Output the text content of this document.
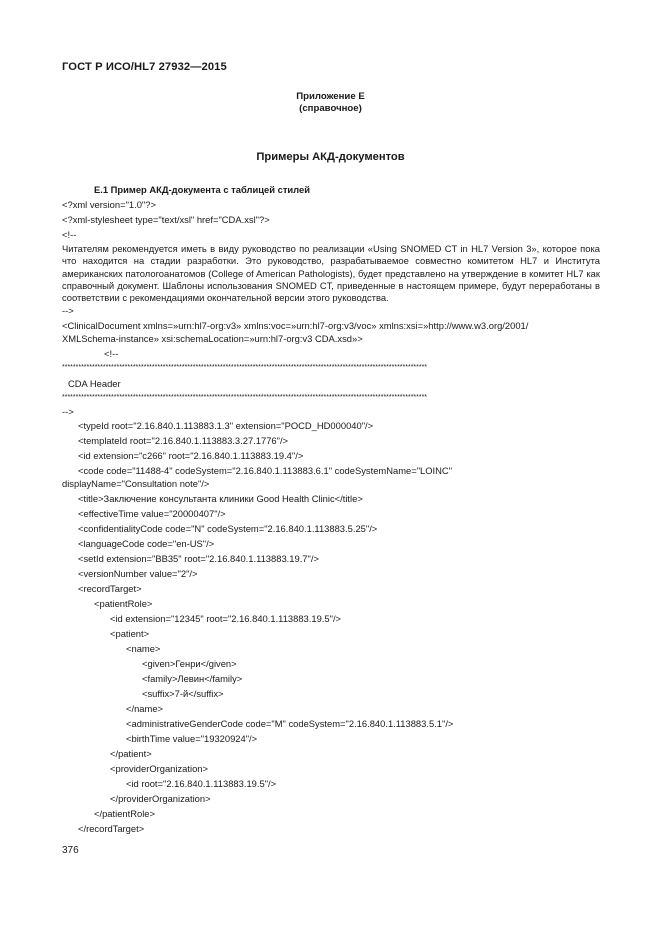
ГОСТ Р ИСО/HL7 27932—2015
Приложение Е
(справочное)
Примеры АКД-документов
Е.1 Пример АКД-документа с таблицей стилей
<?xml version="1.0"?>
<?xml-stylesheet type="text/xsl" href="CDA.xsl"?>
<!--
Читателям рекомендуется иметь в виду руководство по реализации «Using SNOMED CT in HL7 Version 3», которое пока что находится на стадии разработки. Это руководство, разрабатываемое совместно комитетом HL7 и Института американских патологоанатомов (College of American Pathologists), будет представлено на утверждение в комитет HL7 как справочный документ. Шаблоны использования SNOMED CT, приведенные в настоящем примере, будут переработаны в соответствии с рекомендациями окончательной версии этого руководства.
-->
<ClinicalDocument xmlns=»urn:hl7-org:v3» xmlns:voc=»urn:hl7-org:v3/voc» xmlns:xsi=»http://www.w3.org/2001/
XMLSchema-instance» xsi:schemaLocation=»urn:hl7-org:v3 CDA.xsd»>
<!--
**************************************************************************************************************************************
CDA Header
**************************************************************************************************************************************
-->
<typeId root="2.16.840.1.113883.1.3" extension="POCD_HD000040"/>
<templateId root="2.16.840.1.113883.3.27.1776"/>
<id extension="c266" root="2.16.840.1.113883.19.4"/>
<code code="11488-4" codeSystem="2.16.840.1.113883.6.1" codeSystemName="LOINC"
displayName="Consultation note"/>
<title>Заключение консультанта клиники Good Health Clinic</title>
<effectiveTime value="20000407"/>
<confidentialityCode code="N" codeSystem="2.16.840.1.113883.5.25"/>
<languageCode code="en-US"/>
<setId extension="BB35" root="2.16.840.1.113883.19.7"/>
<versionNumber value="2"/>
<recordTarget>
<patientRole>
<id extension="12345" root="2.16.840.1.113883.19.5"/>
<patient>
<name>
<given>Генри</given>
<family>Левин</family>
<suffix>7-й</suffix>
</name>
<administrativeGenderCode code="M" codeSystem="2.16.840.1.113883.5.1"/>
<birthTime value="19320924"/>
</patient>
<providerOrganization>
<id root="2.16.840.1.113883.19.5"/>
</providerOrganization>
</patientRole>
</recordTarget>
376
